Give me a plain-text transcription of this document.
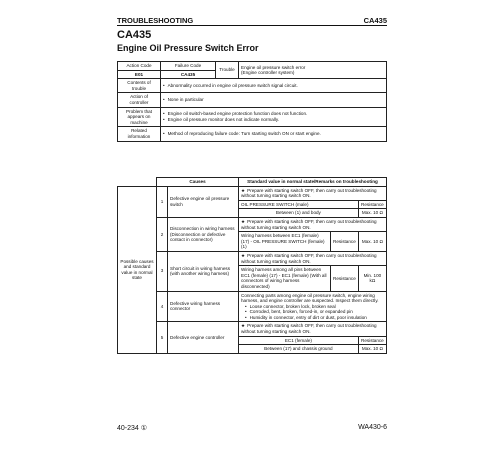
TROUBLESHOOTING	CA435
CA435
Engine Oil Pressure Switch Error
Action Code	Failure Code	Trouble	Engine oil pressure switch error
(Engine controller system)

E01	CA435		
Contents of trouble	• Abnormality occurred in engine oil pressure switch signal circuit.
Action of controller	• None in particular
Problem that appears on machine	• Engine oil switch-based engine protection function does not function.
• Engine oil pressure monitor does not indicate normally.

Related information	• Method of reproducing failure code: Turn starting switch ON or start engine.
	Causes		Standard value in normal state/Remarks on troubleshooting		
Possible causes and standard value in normal state	1	Defective engine oil pressure switch	★ Prepare with starting switch OFF, then carry out troubleshooting without turning starting switch ON.
			OIL PRESSURE SWITCH (male)		Resistance
			Between (1) and body		Max. 10 Ω
	2	Disconnection in wiring harness (Disconnection or defective contact in connector)	★ Prepare with starting switch OFF, then carry out troubleshooting without turning starting switch ON.
			Wiring harness between EC1 (female) (17) - OIL PRESSURE SWITCH (female) (1)	Resistance	Max. 10 Ω
	3	Short circuit in wiring harness (with another wiring harness)	★ Prepare with starting switch OFF, then carry out troubleshooting without turning starting switch ON.
			Wiring harness among all pins between EC1 (female) (17) - EC1 (female) (With all connectors of wiring harness disconnected)	Resistance	Min. 100 kΩ
	4	Defective wiring harness connector	Connecting parts among engine oil pressure switch, engine wiring harness, and engine controller are suspected. Inspect them directly.
• Loose connector, broken lock, broken seal
• Corroded, bent, broken, forced-in, or expanded pin
• Humidity in connector, entry of dirt or dust, poor insulation

	5	Defective engine controller	★ Prepare with starting switch OFF, then carry out troubleshooting without turning starting switch ON.
			EC1 (female)		Resistance
			Between (17) and chassis ground		Max. 10 Ω
40-234 ①	WA430-6
